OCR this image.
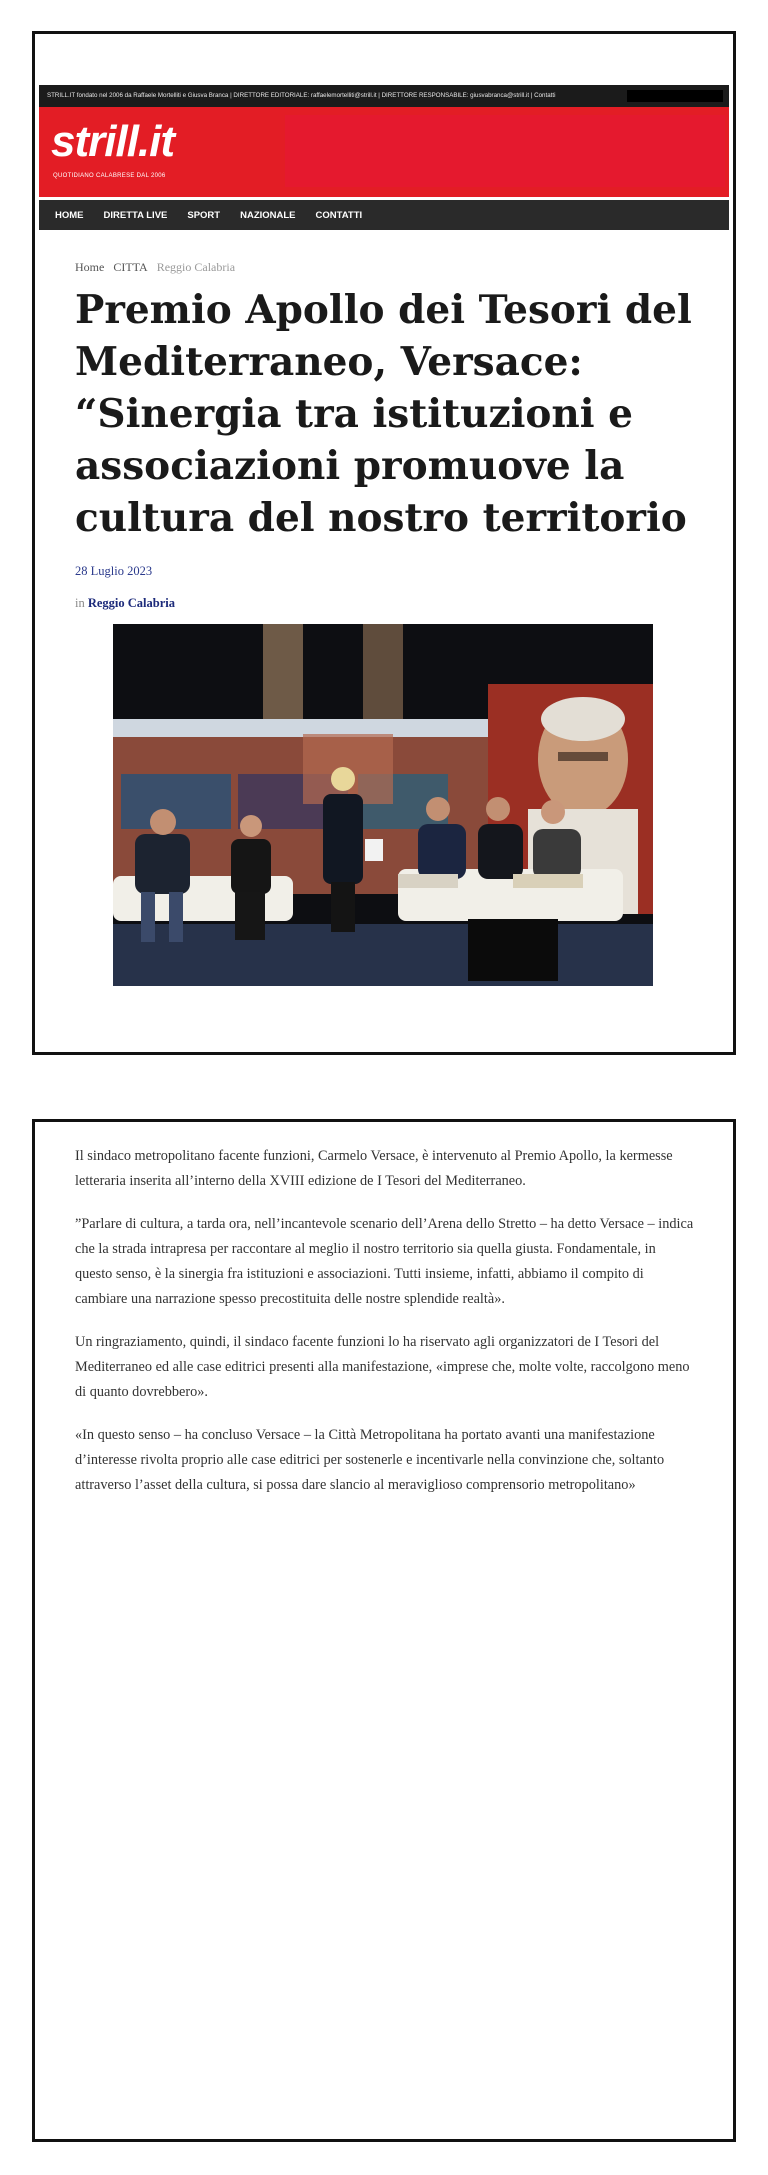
STRILL.IT fondato nel 2006 da Raffaele Mortelliti e Giusva Branca | DIRETTORE EDITORIALE: raffaelemortelliti@strill.it | DIRETTORE RESPONSABILE: giusvabranca@strill.it | Contatti
strill.it
QUOTIDIANO CALABRESE DAL 2006
HOME DIRETTA LIVE SPORT NAZIONALE CONTATTI
Home CITTA Reggio Calabria
Premio Apollo dei Tesori del Mediterraneo, Versace: “Sinergia tra istituzioni e associazioni promuove la cultura del nostro territorio
28 Luglio 2023
in Reggio Calabria

Il sindaco metropolitano facente funzioni, Carmelo Versace, è intervenuto al Premio Apollo, la kermesse letteraria inserita all’interno della XVIII edizione de I Tesori del Mediterraneo.

”Parlare di cultura, a tarda ora, nell’incantevole scenario dell’Arena dello Stretto – ha detto Versace – indica che la strada intrapresa per raccontare al meglio il nostro territorio sia quella giusta. Fondamentale, in questo senso, è la sinergia fra istituzioni e associazioni. Tutti insieme, infatti, abbiamo il compito di cambiare una narrazione spesso precostituita delle nostre splendide realtà».

Un ringraziamento, quindi, il sindaco facente funzioni lo ha riservato agli organizzatori de I Tesori del Mediterraneo ed alle case editrici presenti alla manifestazione, «imprese che, molte volte, raccolgono meno di quanto dovrebbero».

«In questo senso – ha concluso Versace – la Città Metropolitana ha portato avanti una manifestazione d’interesse rivolta proprio alle case editrici per sostenerle e incentivarle nella convinzione che, soltanto attraverso l’asset della cultura, si possa dare slancio al meraviglioso comprensorio metropolitano»
